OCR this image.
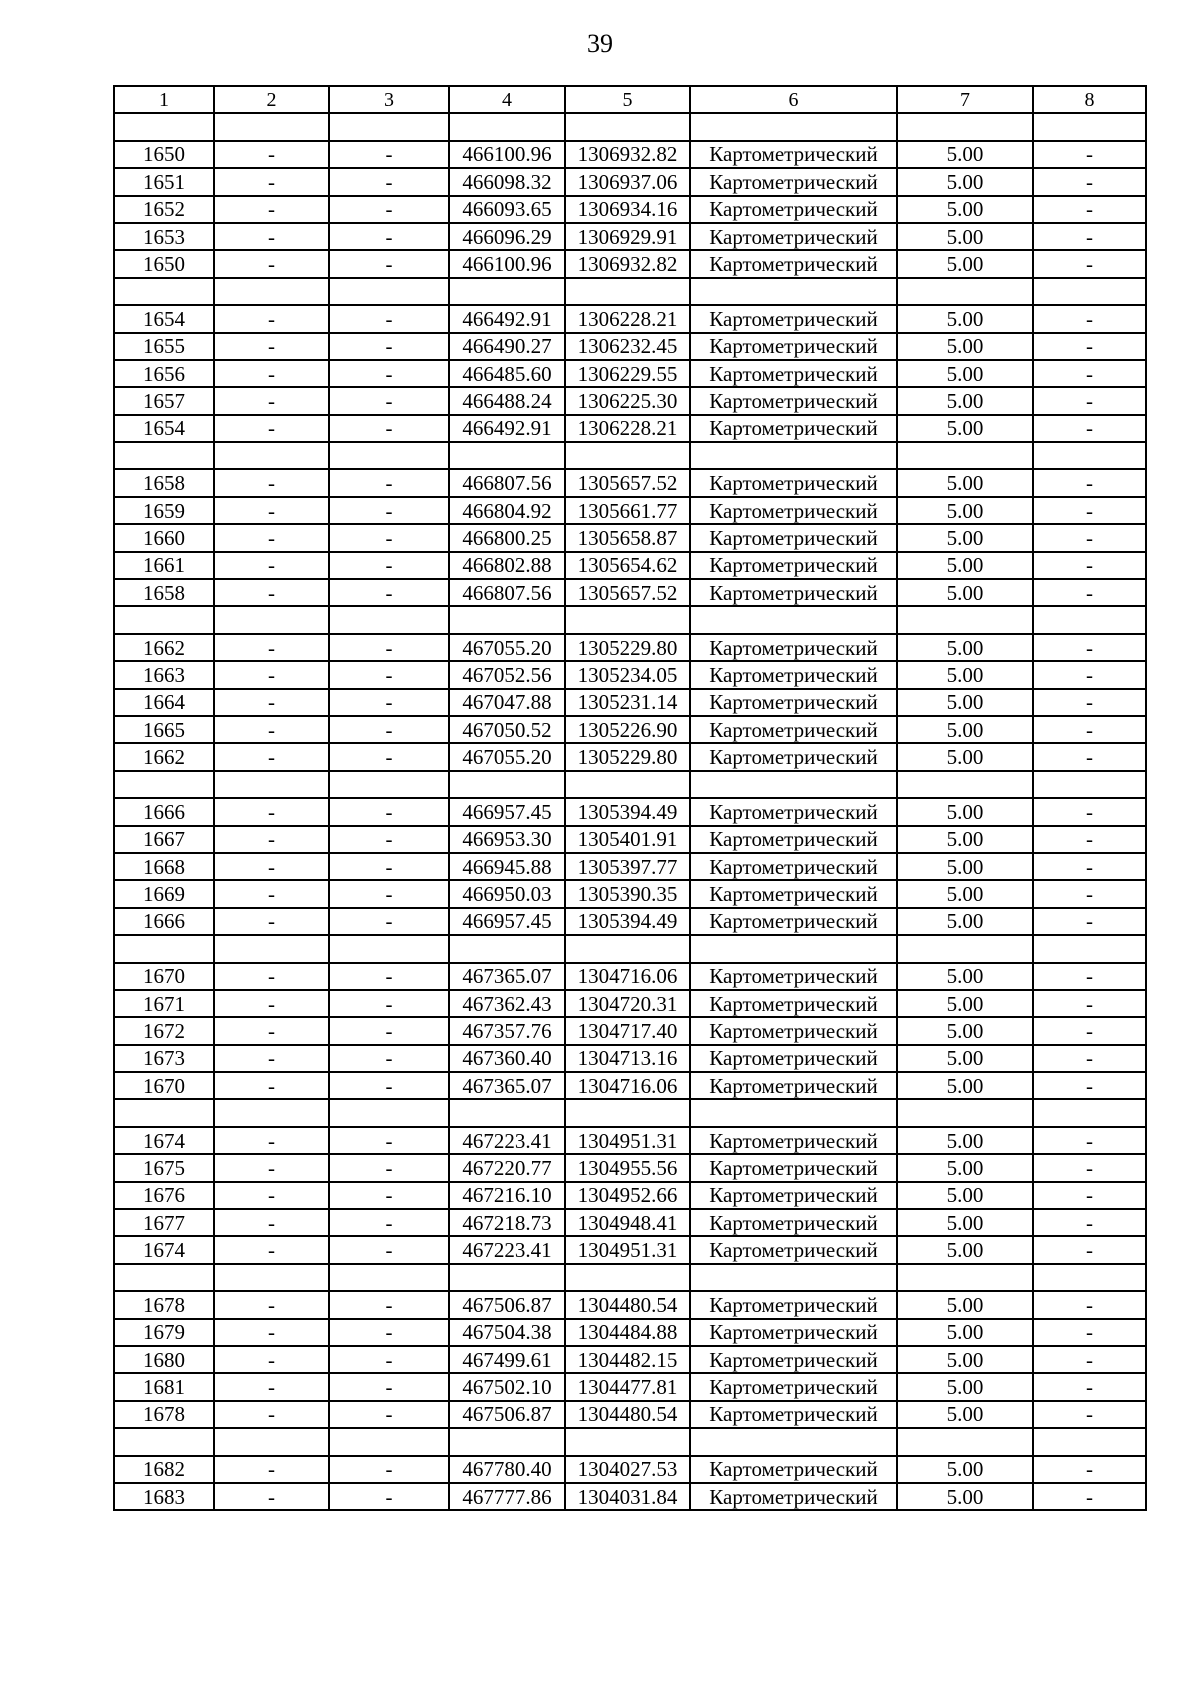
39
1	2	3	4	5	6	7	8

1650	-	-	466100.96	1306932.82	Картометрический	5.00	-
1651	-	-	466098.32	1306937.06	Картометрический	5.00	-
1652	-	-	466093.65	1306934.16	Картометрический	5.00	-
1653	-	-	466096.29	1306929.91	Картометрический	5.00	-
1650	-	-	466100.96	1306932.82	Картометрический	5.00	-

1654	-	-	466492.91	1306228.21	Картометрический	5.00	-
1655	-	-	466490.27	1306232.45	Картометрический	5.00	-
1656	-	-	466485.60	1306229.55	Картометрический	5.00	-
1657	-	-	466488.24	1306225.30	Картометрический	5.00	-
1654	-	-	466492.91	1306228.21	Картометрический	5.00	-

1658	-	-	466807.56	1305657.52	Картометрический	5.00	-
1659	-	-	466804.92	1305661.77	Картометрический	5.00	-
1660	-	-	466800.25	1305658.87	Картометрический	5.00	-
1661	-	-	466802.88	1305654.62	Картометрический	5.00	-
1658	-	-	466807.56	1305657.52	Картометрический	5.00	-

1662	-	-	467055.20	1305229.80	Картометрический	5.00	-
1663	-	-	467052.56	1305234.05	Картометрический	5.00	-
1664	-	-	467047.88	1305231.14	Картометрический	5.00	-
1665	-	-	467050.52	1305226.90	Картометрический	5.00	-
1662	-	-	467055.20	1305229.80	Картометрический	5.00	-

1666	-	-	466957.45	1305394.49	Картометрический	5.00	-
1667	-	-	466953.30	1305401.91	Картометрический	5.00	-
1668	-	-	466945.88	1305397.77	Картометрический	5.00	-
1669	-	-	466950.03	1305390.35	Картометрический	5.00	-
1666	-	-	466957.45	1305394.49	Картометрический	5.00	-

1670	-	-	467365.07	1304716.06	Картометрический	5.00	-
1671	-	-	467362.43	1304720.31	Картометрический	5.00	-
1672	-	-	467357.76	1304717.40	Картометрический	5.00	-
1673	-	-	467360.40	1304713.16	Картометрический	5.00	-
1670	-	-	467365.07	1304716.06	Картометрический	5.00	-

1674	-	-	467223.41	1304951.31	Картометрический	5.00	-
1675	-	-	467220.77	1304955.56	Картометрический	5.00	-
1676	-	-	467216.10	1304952.66	Картометрический	5.00	-
1677	-	-	467218.73	1304948.41	Картометрический	5.00	-
1674	-	-	467223.41	1304951.31	Картометрический	5.00	-

1678	-	-	467506.87	1304480.54	Картометрический	5.00	-
1679	-	-	467504.38	1304484.88	Картометрический	5.00	-
1680	-	-	467499.61	1304482.15	Картометрический	5.00	-
1681	-	-	467502.10	1304477.81	Картометрический	5.00	-
1678	-	-	467506.87	1304480.54	Картометрический	5.00	-

1682	-	-	467780.40	1304027.53	Картометрический	5.00	-
1683	-	-	467777.86	1304031.84	Картометрический	5.00	-
